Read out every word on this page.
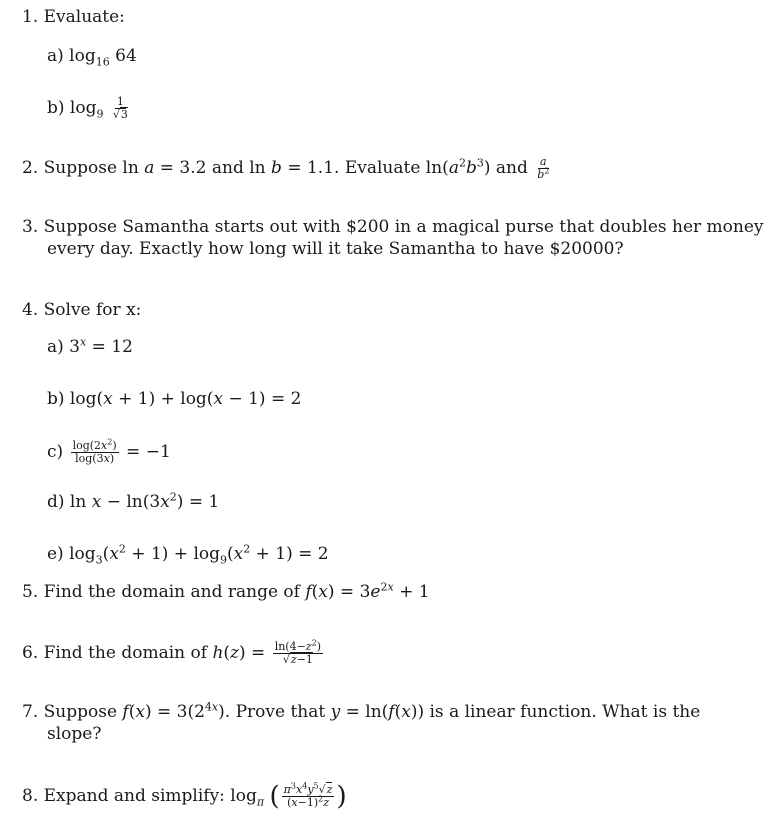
1. Evaluate:
a) $\log_{16} 64$
b) $\log_9 \frac{1}{√3}$
2. Suppose ln a = 3.2 and ln b = 1.1. Evaluate $\ln(a^2b^3)$ and $\frac{a}{b^2}$
3. Suppose Samantha starts out with $200 in a magical purse that doubles her money
every day. Exactly how long will it take Samantha to have $20000?
4. Solve for x:
a) $3^x = 12$
b) log(x + 1) + log(x − 1) = 2
$c) \frac{\log(2x^2)}{\log(3x)} = -1$
d) $\ln x - \ln(3x^2) = 1$
e) $\log_3(x^2 + 1) + \log_9(x^2 + 1) = 2$
5. Find the domain and range of $f(x) = 3e^{2x} + 1$
6. Find the domain of $h(z) = \frac{\ln(4-z^2)}{√z-1}$
7. Suppose $f(x) = 3(2^{4x})$. Prove that y = ln(f(x)) is a linear function. What is the
slope?
8. Expand and simplify: $\log_\pi$ ( $\frac{\pi^3x^4y^5√z}{(x-1)^2z}$ )
